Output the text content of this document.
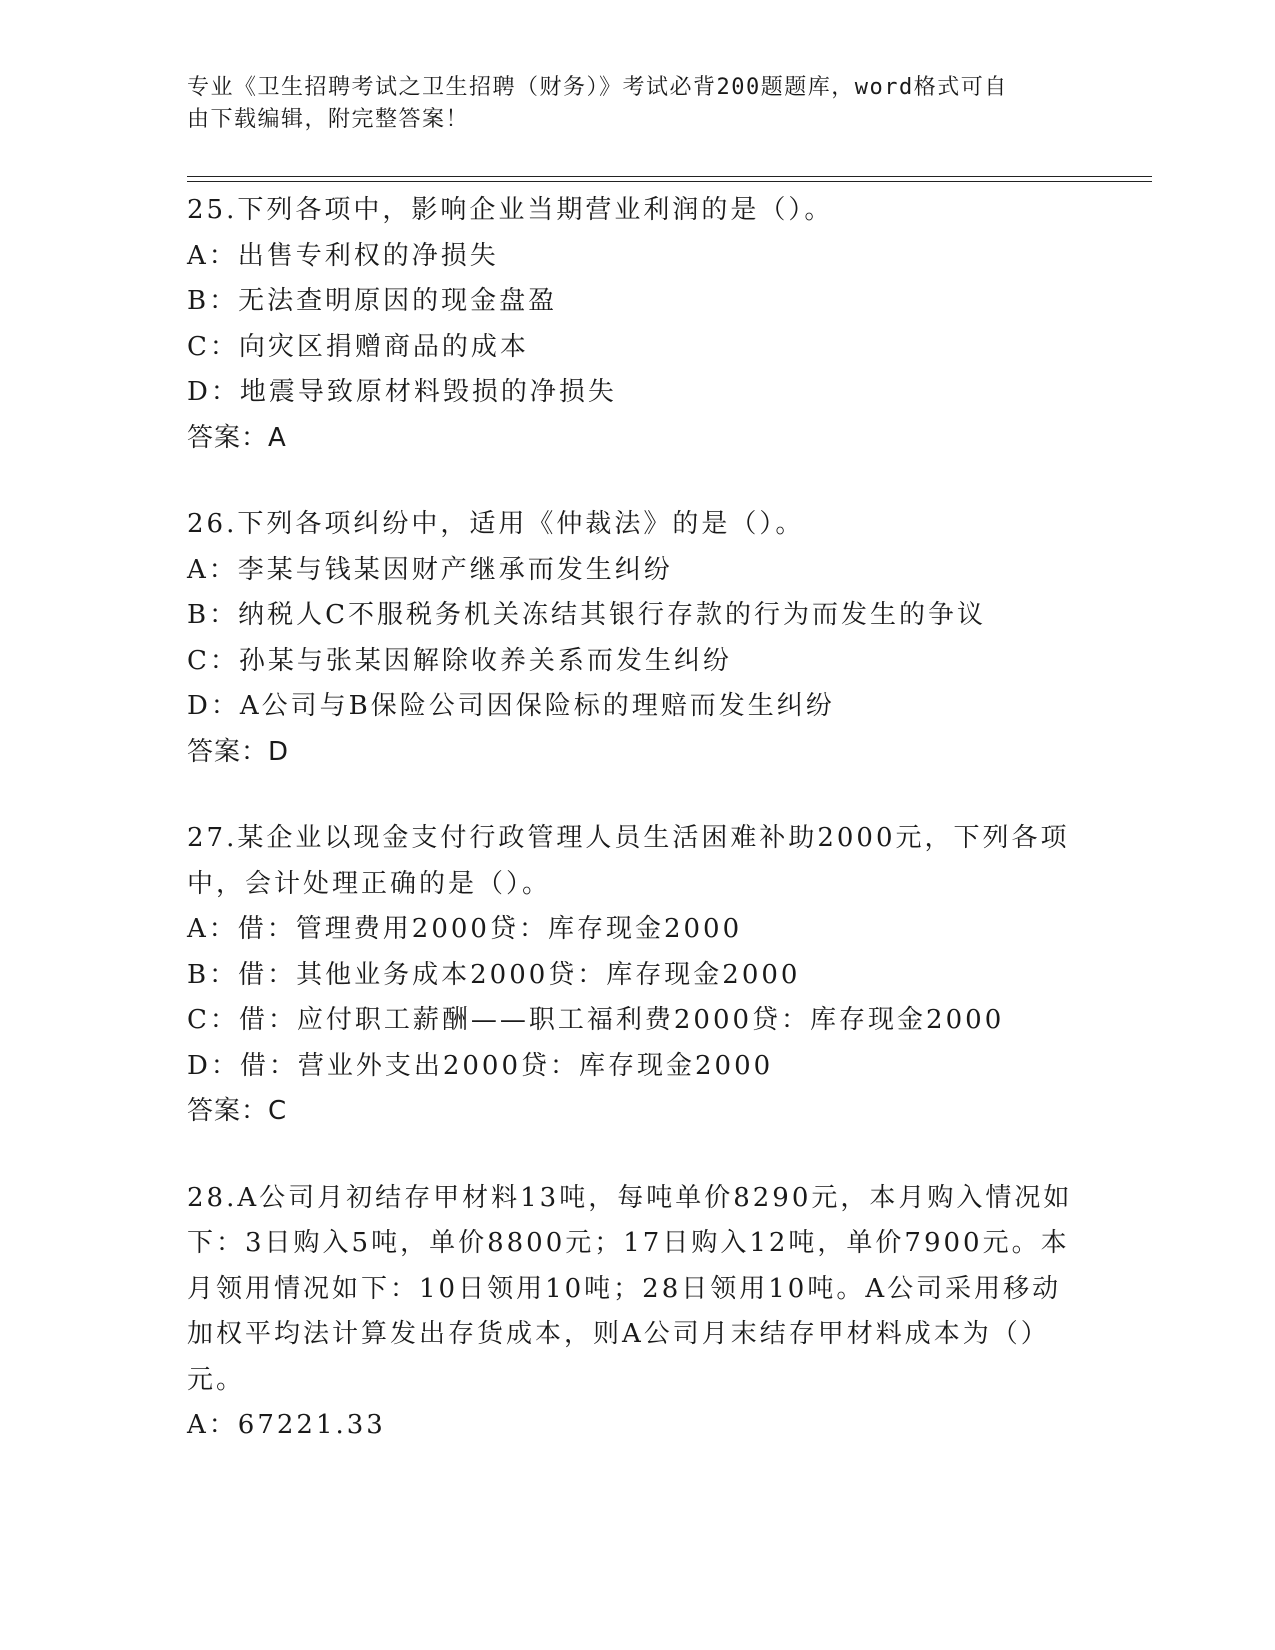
专业《卫生招聘考试之卫生招聘（财务）》考试必背200题题库，word格式可自
由下载编辑，附完整答案！
25.下列各项中，影响企业当期营业利润的是（）。
A：出售专利权的净损失
B：无法查明原因的现金盘盈
C：向灾区捐赠商品的成本
D：地震导致原材料毁损的净损失
答案：A
26.下列各项纠纷中，适用《仲裁法》的是（）。
A：李某与钱某因财产继承而发生纠纷
B：纳税人C不服税务机关冻结其银行存款的行为而发生的争议
C：孙某与张某因解除收养关系而发生纠纷
D：A公司与B保险公司因保险标的理赔而发生纠纷
答案：D
27.某企业以现金支付行政管理人员生活困难补助2000元，下列各项
中，会计处理正确的是（）。
A：借：管理费用2000贷：库存现金2000
B：借：其他业务成本2000贷：库存现金2000
C：借：应付职工薪酬——职工福利费2000贷：库存现金2000
D：借：营业外支出2000贷：库存现金2000
答案：C
28.A公司月初结存甲材料13吨，每吨单价8290元，本月购入情况如
下：3日购入5吨，单价8800元；17日购入12吨，单价7900元。本
月领用情况如下：10日领用10吨；28日领用10吨。A公司采用移动
加权平均法计算发出存货成本，则A公司月末结存甲材料成本为（）
元。
A：67221.33
